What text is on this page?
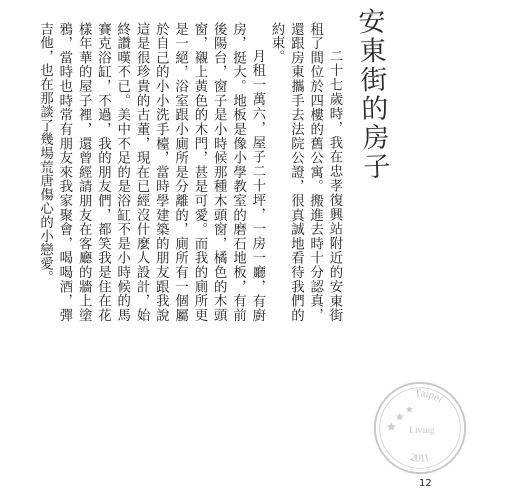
安
東
街
的
房
子

二十七歲時，我在忠孝復興站附近的安東街租了間位於四樓的舊公寓。搬進去時十分認真，還跟房東攜手去法院公證，很真誠地看待我們的約束。

月租一萬六，屋子二十坪，一房一廳，有廚房，挺大。地板是像小學教室的磨石地板，有前後陽台，窗子是小時候那種木頭窗，橘色的木頭窗，襯上黃色的木門，甚是可愛。而我的廁所更是一絕，浴室跟小廁所是分離的，廁所有一個屬於自己的小小洗手檯，當時學建築的朋友跟我說這是很珍貴的古董，現在已經沒什麼人設計，始終讚嘆不已。美中不足的是浴缸不是小時候的馬賽克浴缸，不過，我的朋友們，都笑我是住在花樣年華的屋子裡，還曾經請朋友在客廳的牆上塗鴉，當時也時常有朋友來我家聚會，喝喝酒，彈吉他，也在那談了幾場荒唐傷心的小戀愛。

Taipei
Living
2011
12
